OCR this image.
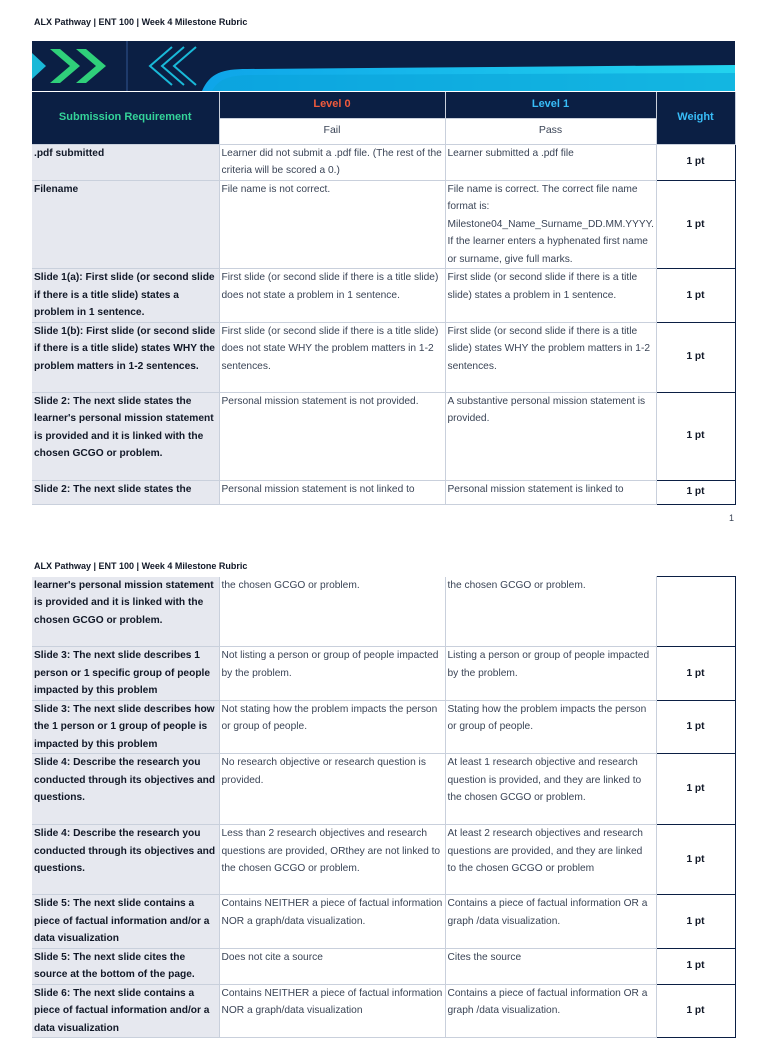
ALX Pathway | ENT 100 | Week 4 Milestone Rubric
Submission Requirement	Level 0	Level 1	Weight
	Fail	Pass	
.pdf submitted	Learner did not submit a .pdf file. (The rest of the criteria will be scored a 0.)	Learner submitted a .pdf file	1 pt
Filename	File name is not correct.	File name is correct. The correct file name format is: Milestone04_Name_Surname_DD.MM.YYYY. If the learner enters a hyphenated first name or surname, give full marks.	1 pt
Slide 1(a): First slide (or second slide if there is a title slide) states a problem in 1 sentence.	First slide (or second slide if there is a title slide) does not state a problem in 1 sentence.	First slide (or second slide if there is a title slide) states a problem in 1 sentence.	1 pt
Slide 1(b): First slide (or second slide if there is a title slide) states WHY the problem matters in 1-2 sentences.	First slide (or second slide if there is a title slide) does not state WHY the problem matters in 1-2 sentences.	First slide (or second slide if there is a title slide) states WHY the problem matters in 1-2 sentences.	1 pt
Slide 2: The next slide states the learner's personal mission statement is provided and it is linked with the chosen GCGO or problem.	Personal mission statement is not provided.	A substantive personal mission statement is provided.	1 pt
Slide 2: The next slide states the	Personal mission statement is not linked to	Personal mission statement is linked to	1 pt
1
ALX Pathway | ENT 100 | Week 4 Milestone Rubric
learner's personal mission statement is provided and it is linked with the chosen GCGO or problem.	the chosen GCGO or problem.	the chosen GCGO or problem.	
Slide 3: The next slide describes 1 person or 1 specific group of people impacted by this problem	Not listing a person or group of people impacted by the problem.	Listing a person or group of people impacted by the problem.	1 pt
Slide 3: The next slide describes how the 1 person or 1 group of people is impacted by this problem	Not stating how the problem impacts the person or group of people.	Stating how the problem impacts the person or group of people.	1 pt
Slide 4: Describe the research you conducted through its objectives and questions.	No research objective or research question is provided.	At least 1 research objective and research question is provided, and they are linked to the chosen GCGO or problem.	1 pt
Slide 4: Describe the research you conducted through its objectives and questions.	Less than 2 research objectives and research questions are provided, ORthey are not linked to the chosen GCGO or problem.	At least 2 research objectives and research questions are provided, and they are linked to the chosen GCGO or problem	1 pt
Slide 5: The next slide contains a piece of factual information and/or a data visualization	Contains NEITHER a piece of factual information NOR a graph/data visualization.	Contains a piece of factual information OR a graph /data visualization.	1 pt
Slide 5: The next slide cites the source at the bottom of the page.	Does not cite a source	Cites the source	1 pt
Slide 6: The next slide contains a piece of factual information and/or a data visualization	Contains NEITHER a piece of factual information NOR a graph/data visualization	Contains a piece of factual information OR a graph /data visualization.	1 pt
